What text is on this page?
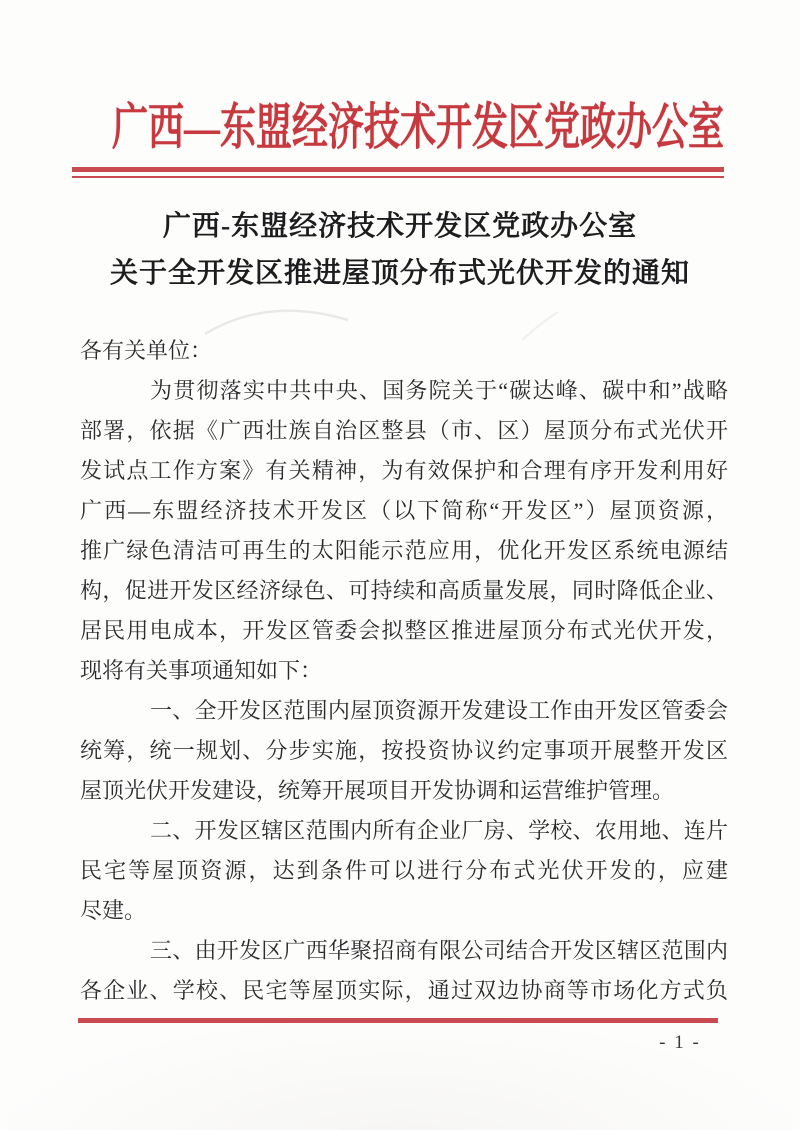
广西—东盟经济技术开发区党政办公室
广西-东盟经济技术开发区党政办公室
关于全开发区推进屋顶分布式光伏开发的通知
各有关单位：
为贯彻落实中共中央、国务院关于“碳达峰、碳中和”战略
部署，依据《广西壮族自治区整县（市、区）屋顶分布式光伏开
发试点工作方案》有关精神，为有效保护和合理有序开发利用好
广西—东盟经济技术开发区（以下简称“开发区”）屋顶资源，
推广绿色清洁可再生的太阳能示范应用，优化开发区系统电源结
构，促进开发区经济绿色、可持续和高质量发展，同时降低企业、
居民用电成本，开发区管委会拟整区推进屋顶分布式光伏开发，
现将有关事项通知如下：
一、全开发区范围内屋顶资源开发建设工作由开发区管委会
统筹，统一规划、分步实施，按投资协议约定事项开展整开发区
屋顶光伏开发建设，统筹开展项目开发协调和运营维护管理。
二、开发区辖区范围内所有企业厂房、学校、农用地、连片
民宅等屋顶资源，达到条件可以进行分布式光伏开发的，应建
尽建。
三、由开发区广西华聚招商有限公司结合开发区辖区范围内
各企业、学校、民宅等屋顶实际，通过双边协商等市场化方式负
- 1 -
